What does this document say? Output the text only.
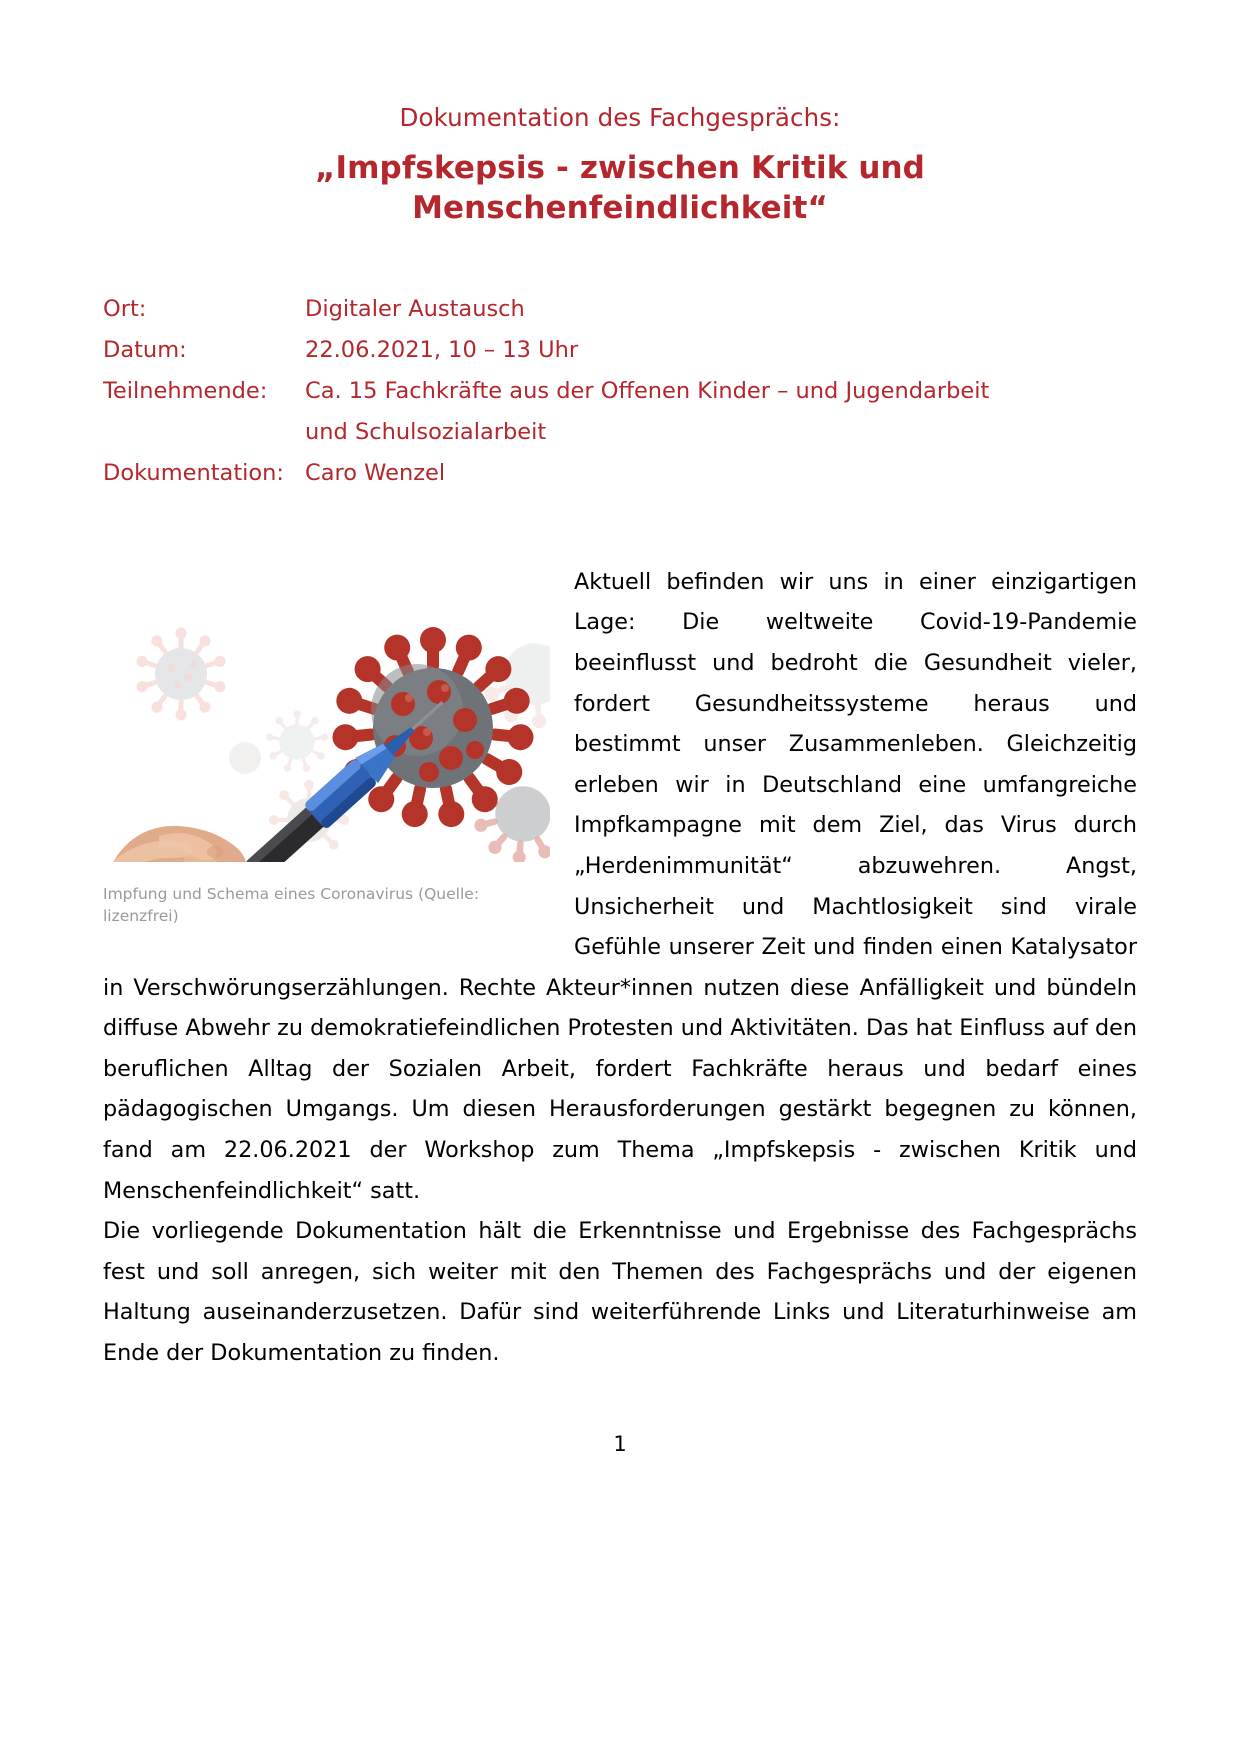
Dokumentation des Fachgesprächs:
„Impfskepsis - zwischen Kritik und Menschenfeindlichkeit“
Ort:	Digitaler Austausch
Datum:	22.06.2021, 10 – 13 Uhr
Teilnehmende:	Ca. 15 Fachkräfte aus der Offenen Kinder – und Jugendarbeit und Schulsozialarbeit
Dokumentation: Caro Wenzel
Impfung und Schema eines Coronavirus (Quelle: lizenzfrei)

Aktuell befinden wir uns in einer einzigartigen Lage: Die weltweite Covid-19-Pandemie beeinflusst und bedroht die Gesundheit vieler, fordert Gesundheitssysteme heraus und bestimmt unser Zusammenleben. Gleichzeitig erleben wir in Deutschland eine umfangreiche Impfkampagne mit dem Ziel, das Virus durch „Herdenimmunität“ abzuwehren. Angst, Unsicherheit und Machtlosigkeit sind virale Gefühle unserer Zeit und finden einen Katalysator in Verschwörungserzählungen. Rechte Akteur*innen nutzen diese Anfälligkeit und bündeln diffuse Abwehr zu demokratiefeindlichen Protesten und Aktivitäten. Das hat Einfluss auf den beruflichen Alltag der Sozialen Arbeit, fordert Fachkräfte heraus und bedarf eines pädagogischen Umgangs. Um diesen Herausforderungen gestärkt begegnen zu können, fand am 22.06.2021 der Workshop zum Thema „Impfskepsis - zwischen Kritik und Menschenfeindlichkeit“ satt.

Die vorliegende Dokumentation hält die Erkenntnisse und Ergebnisse des Fachgesprächs fest und soll anregen, sich weiter mit den Themen des Fachgesprächs und der eigenen Haltung auseinanderzusetzen. Dafür sind weiterführende Links und Literaturhinweise am Ende der Dokumentation zu finden.

1
